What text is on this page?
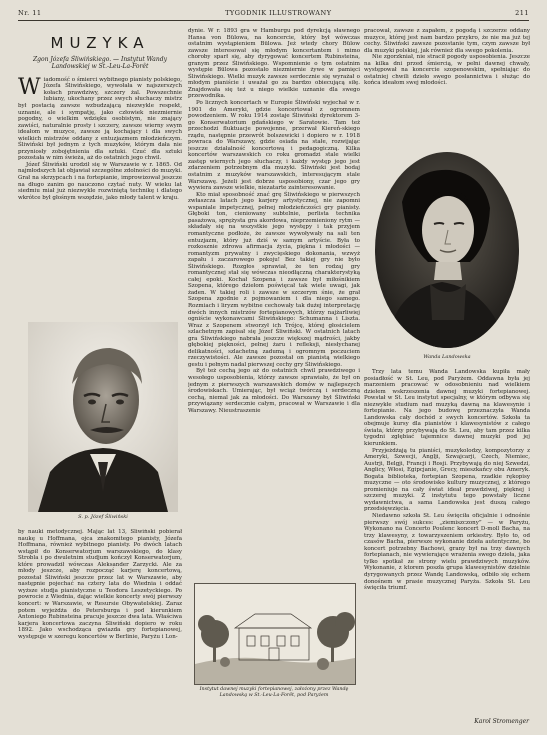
Nr. 11	TYGODNIK ILLUSTROWANY	211
MUZYKA
Zgon Józefa Śliwińskiego. — Instytut Wandy Landowskiej w St.-Leu-La-Forêt

Wiadomość o śmierci wybitnego pianisty polskiego, Józefa Śliwińskiego, wywołała w najszerszych kołach prawdziwy, szczery żal. Powszechnie lubiany, ukochany przez swych słuchaczy mistrz był postacią zawsze wzbudzającą niezwykle respekt, uznanie, ale i sympatję, jako człowiek niezmiernie pogodny, o wielkim wdzięku osobistym, nie znający zawiści, naturalnie prosty i szczery, zawsze wierny swym ideałom w muzyce, zawsze ją kochający i dla swych wielkich mistrzów oddany z entuzjazmem młodzieńczym. Śliwiński był jednym z tych muzyków, którym dała nie przyniosły zobojętnienia dla sztuki. Czuć dla sztuki pozostała w nim świeża, aż do ostatnich jego chwil.

Józef Śliwiński urodził się w Warszawie w r. 1865. Od najmłodszych lat objawiał szczególne zdolności do muzyki. Grał na skrzypcach i na fortepianie, improwizował jeszcze na długo zanim go nauczono czytać nuty. W wieku lat siedmiu miał już niezwykle rozwiniętą technikę i dlatego wkrótce był głośnym wszędzie, jako młody talent w kraju.

S. p. Józef Śliwiński

by nauki metodycznej. Mając lat 13, Śliwiński pobierał naukę u Hoffmana, ojca znakomitego pianisty, Józefa Hoffmana, również wybitnego pianisty. Po dwóch latach wstąpił do Konserwatorjum warszawskiego, do klasy Strobla i po dwuletnim studjum kończył Konserwatorjum, które prowadził wówczas Aleksander Zarzycki. Ale za młody jeszcze, aby rozpocząć karjerę koncertową, pozostał Śliwiński jeszcze przez lat w Warszawie, aby następnie pojechać na cztery lata do Wiednia i oddać wyższe studja pianistyczne u Teodora Leszetyckiego. Po powrocie z Wiednia, dając wielkie koncerty swój pierwszy koncert: w Warszawie, w Resursie Obywatelskiej. Zaraz potem wyjeżdża do Petersburga i pod kierunkiem Antoniego Rubinsteina pracuje jeszcze dwa lata. Właściwa karjera koncertowa zaczyna Śliwiński dopiero w roku 1892. Jako wschodząca gwiazda gry fortepianowej, występuje w szeregu koncertów w Berlinie, Paryżu i Lon-

dynie. W r. 1893 gra w Hamburgu pod dyrekcją sławnego Hansa von Bülowa, na koncercie, który był wówczas ostatnim wystąpieniem Bülowa. Jeż wtedy chory Bülow zawsze interesował się młodym koncertantem i mimo choroby sparł się, aby dyrygować koncertem Rubinsteina, granym przez Śliwińskiego. Wspomnienie o tym ostatnim występie Bülowa pozostało niezmiernie żywe w pamięci Śliwińskiego. Wielki muzyk zawsze serdecznie się wyrażał o młodym pianiście i uważał go za bardzo obiecującą siłę. Znajdowała się też u niego wielkie uznanie dla swego przewodnika.

Po licznych koncertach w Europie Śliwiński wyjechał w r. 1901 do Ameryki, gdzie koncertował z ogromnem powodzeniem. W roku 1914 zostaje Śliwiński dyrektorem 3-go Konserwatorium gdańskiego w Saratowie. Tam też przechodzi fluktuacje powojenne, przerwał Kiereń-skiego rządu, następnie przewrót bolszewicki i dopiero w r. 1918 powraca do Warszawy, gdzie osiada na stałe, rozwijając jeszcze działalność koncertową i pedagogiczną. Kilka koncertów warszawskich co roku gromadzi stale wielki zastęp wiernych jego słuchaczy, i każdy występ jego jest zdarzeniem potrzebnym dla muzyki. Śliwiński jest bodaj ostatnim z muzyków warszawskich, interesującym stale Warszawę. Jeżeli jest dobrze usposobiony, czar jego gry wywiera zawsze wielkie, niezatarte zainteresowanie.

Kto miał sposobność znać grę Śliwińskiego w pierwszych zwłaszcza latach jego karjery artystycznej, nie zapomni wspaniale impetycznej, pełnej młodzieńczości gry pianisty. Głęboki ton, cieniowany subtelnie, perlista technika pasażowa, sprężysta gra akordowa, nieprzemieniony rytm — składały się na wszystkie jego występy i tak przyjem romantyczne podłoże, że zawsze wywoływały na sali ten entuzjazm, który już dziś w samym artyście. Była to rozkosznie zdrowa afirmacja życia, piękna i młodości — romantyzm prywatny i zwycięskiego dokonania, wzwyż zapału i zaczarowego pokoju! Bez takiej gry nie było Śliwińskiego. Rozgłos sprawiał, że ten rodzaj gry romantycznej stał się wówczas nieodłączną charakterystyką całej epoki. Kochał Szopena i zawsze był miłośnikiem Szopena, którego dziełom poświęcał tak wiele uwagi, jak żaden. W takiej roli i zawsze w szczerym śnie, że grał Szopena zgodnie z pojmowaniem i dla niego samego. Rozmiach i liryzm wybitne cechowały tak dużej interpretację dwóch innych mistrzów fortepianowych, którzy najżarliwiej ogniście wykonawcami Śliwińskiego: Schumanna i Liszta. Wraz z Szopenem stworzył ich Trójcę, której głosicielem szlachetnym zapisał się Józef Śliwiński. W ostatnich latach gra Śliwińskiego nabrała jeszcze większej mądrości, jakby głębokiej piękności, pełnej żaru i refleksji, niesłychanej delikatności, szlachetną zadumą i ogromnym poczuciem rzeczywistości. Ale zawsze pozostał on pianistą wielkiego gestu i pełnym nadal pierwszej cechy gry Śliwińskiego.

Był też cechą jego aż do ostatnich chwil prawdziwego i wesołego usposobienia, którzy zawsze sprawiało, że był on jednym z pierwszych warszawskich domów w najlepszych środowiskach. Umierając, był wciąż twórczą i serdeczną cechą, niemal jak za młodości. Do Warszawy był Śliwiński przywiązany serdecznie całym, pracował w Warszawie i dla Warszawy. Nieustraszenie

Instytut dawnej muzyki fortepianowej, założony przez Wandę Landowską w St.-Leu-La-Forêt, pod Paryżem

pracował, zawsze z zapałem, z pogodą i szczerze oddany muzyce, której jest nam bardzo przykro, że nie ma już tej cechy. Śliwiński zawsze pozostanie tym, czym zawsze był dla muzyki polskiej, jak również dla swego pokolenia.

Nie zgorzkniał, nie stracił pogody usposobienia. Jeszcze na kilka dni przed śmiercią, w pełni dawnej chwały, występował na koncercie szopenowskim, spełniając do ostatniej chwili dzieło swego posłannictwa i służąc do końca ideałom swej młodości.

Wanda Landowska

Trzy lata temu Wanda Landowska kupiła mały posiadłość w St. Leu, pod Paryżem. Oddawna była jej marzeniem pracować w odosobnieniu nad wielkiem dziełem wskrzeszenia dawnej muzyki fortepianowej. Powstał w St. Leu instytut specjalny, w którym odbywa się niezwykłe studium nad muzyką dawną na klawesynie i fortepianie. Na jego budowę przeznaczyła Wanda Landowska cały dochód z swych koncertów. Szkoła ta obejmuje kursy dla pianistów i klawesynistów z całego świata, którzy przybywają do St. Leu, aby tam przez kilka tygodni zgłębiać tajemnice dawnej muzyki pod jej kierunkiem.

Przyjeżdżają tu pianiści, muzykolodzy, kompozytorzy z Ameryki, Szwecji, Anglji, Szwajcarji, Czech, Niemiec, Austrji, Belgji, Francji i Rosji. Przybywają do niej Szwedzi, Anglicy, Włosi, Egipcjanie, Grecy, mieszkańcy obu Ameryk. Bogata biblioteka, fortepian Szopena, rzadkie rękopisy muzyczne — oto środowisko kultury muzycznej, z którego promieniuje na cały świat ideał prawdziwej, pięknej i szczerej muzyki. Z instytutu tego powstały liczne wydawnictwa, a sama Landowska jest duszą całego przedsięwzięcia.

Niedawno szkoła St. Leu święciła oficjalnie i odnośnie pierwszy swój sukces: „ziemiszczony” — w Paryżu, Wykonano na Concerto Poulenc koncert D-moll Bacha, na trzy klawesyny, z towarzyszeniem orkiestry. Było to, od czasów Bacha, pierwsze wykonanie dzieła autentyczne, bo koncert potrzebny Bachowi, grany był na trzy dawnych fortepianach, nie wywierające wrażenia swego dzieła, jaka tylko spotkał ze strony wielu prawdziwych muzyków. Wykonanie, z ktorem poszła grupa klawesynistów dzielnie dyrygowanych przez Wandę Landowską, odbiło się echem donośnem w prasie muzycznej Paryża. Szkoła St. Leu święciła triumf.

Karol Stromenger
